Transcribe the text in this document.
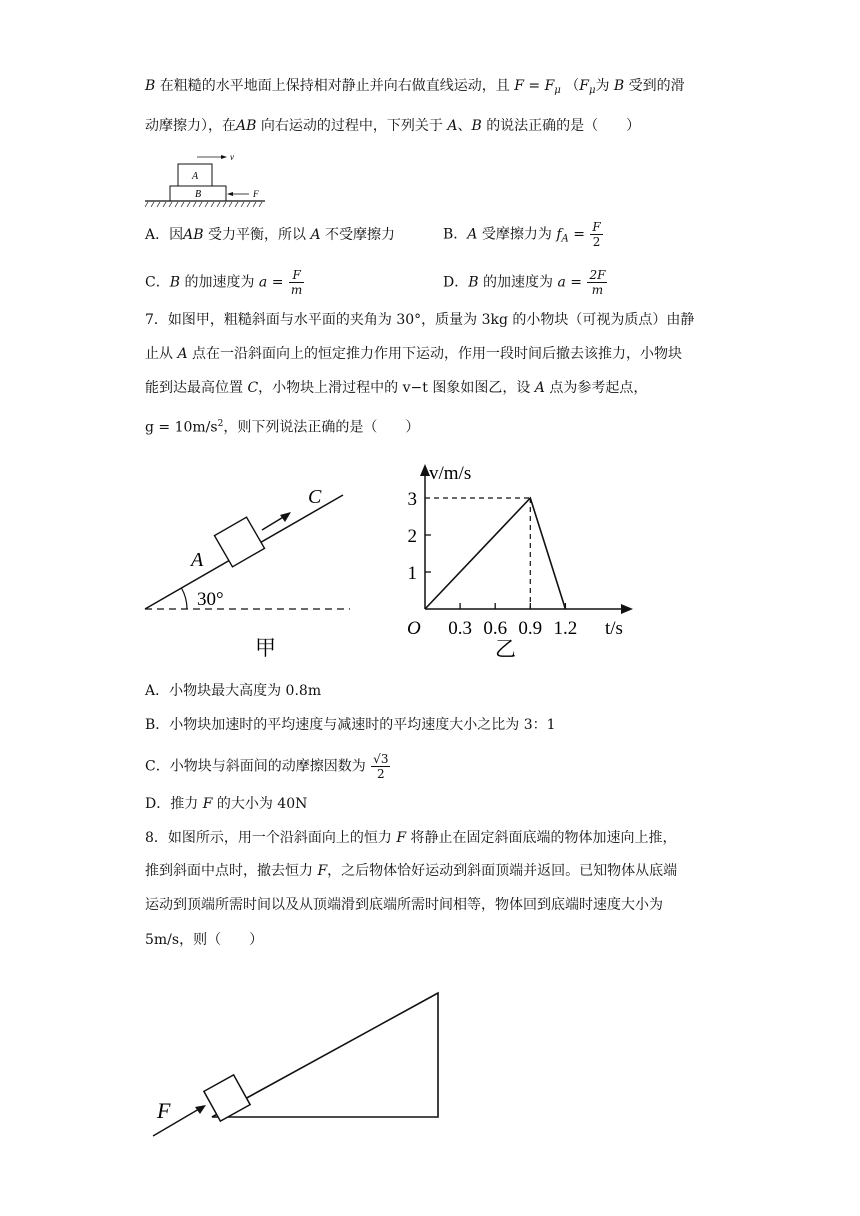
B 在粗糙的水平地面上保持相对静止并向右做直线运动，且 $F = F_\mu$ （$F_\mu$为 B 受到的滑
动摩擦力），在AB 向右运动的过程中，下列关于 A、B 的说法正确的是（　　）
A
B
v
F
A．因AB 受力平衡，所以 A 不受摩擦力	B．A 受摩擦力为 $f_A = \frac{F}{2}$
C．B 的加速度为 $a = \frac{F}{m}$	D．B 的加速度为 $a = \frac{2F}{m}$
7．如图甲，粗糙斜面与水平面的夹角为 30°，质量为 3kg 的小物块（可视为质点）由静
止从 A 点在一沿斜面向上的恒定推力作用下运动，作用一段时间后撤去该推力，小物块
能到达最高位置 C，小物块上滑过程中的 v−t 图象如图乙，设 A 点为参考起点，
$g = 10m/s^2$，则下列说法正确的是（　　）
30°
C
A
甲
v/m/s
t/s
O
乙
0.3 0.6 0.9 1.2
1
2
3
A．小物块最大高度为 0.8m
B．小物块加速时的平均速度与减速时的平均速度大小之比为 3：1
C．小物块与斜面间的动摩擦因数为 $\frac{√3}{2}$
D．推力 F 的大小为 40N
8．如图所示，用一个沿斜面向上的恒力 F 将静止在固定斜面底端的物体加速向上推，
推到斜面中点时，撤去恒力 F，之后物体恰好运动到斜面顶端并返回。已知物体从底端
运动到顶端所需时间以及从顶端滑到底端所需时间相等，物体回到底端时速度大小为
5m/s，则（　　）
F
